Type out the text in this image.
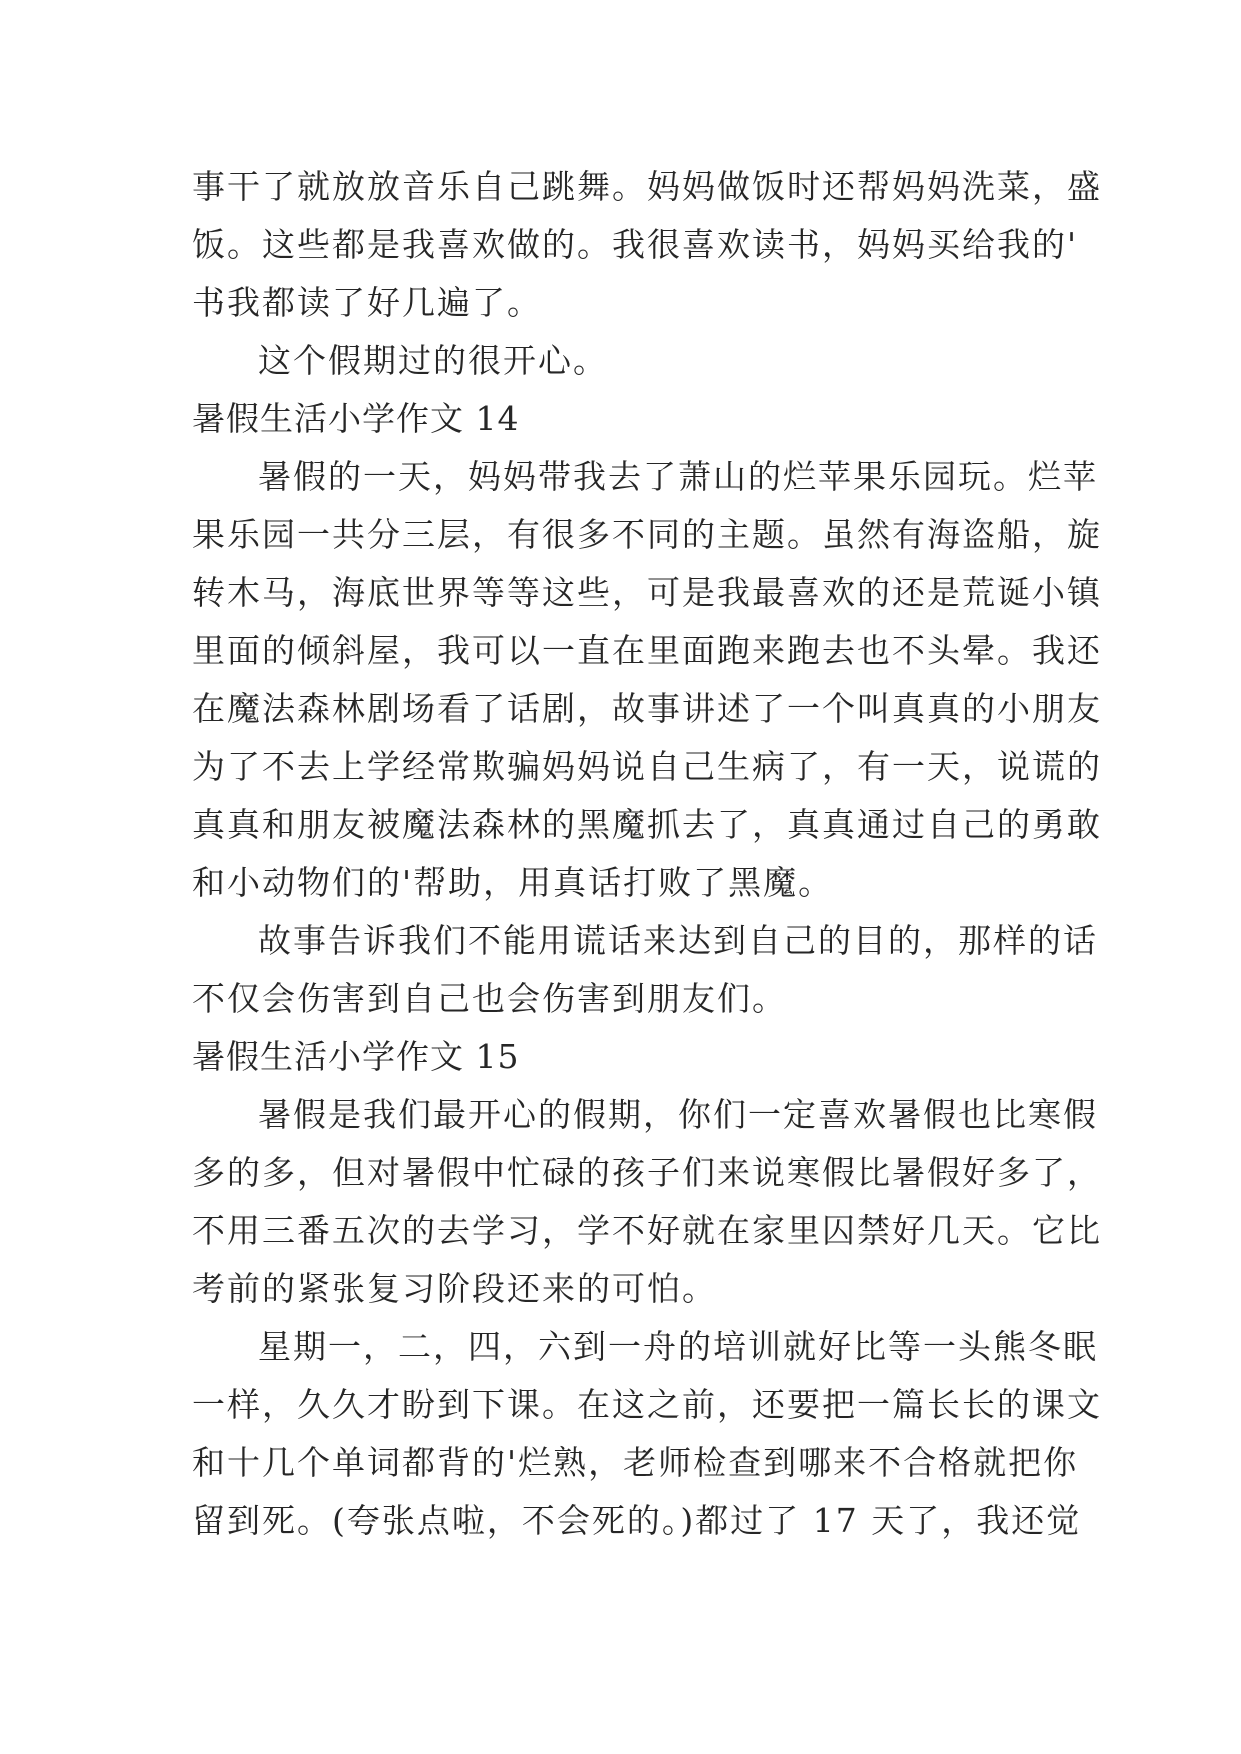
事干了就放放音乐自己跳舞。妈妈做饭时还帮妈妈洗菜，盛
饭。这些都是我喜欢做的。我很喜欢读书，妈妈买给我的'
书我都读了好几遍了。
这个假期过的很开心。
暑假生活小学作文 14
暑假的一天，妈妈带我去了萧山的烂苹果乐园玩。烂苹
果乐园一共分三层，有很多不同的主题。虽然有海盗船，旋
转木马，海底世界等等这些，可是我最喜欢的还是荒诞小镇
里面的倾斜屋，我可以一直在里面跑来跑去也不头晕。我还
在魔法森林剧场看了话剧，故事讲述了一个叫真真的小朋友
为了不去上学经常欺骗妈妈说自己生病了，有一天，说谎的
真真和朋友被魔法森林的黑魔抓去了，真真通过自己的勇敢
和小动物们的'帮助，用真话打败了黑魔。
故事告诉我们不能用谎话来达到自己的目的，那样的话
不仅会伤害到自己也会伤害到朋友们。
暑假生活小学作文 15
暑假是我们最开心的假期，你们一定喜欢暑假也比寒假
多的多，但对暑假中忙碌的孩子们来说寒假比暑假好多了，
不用三番五次的去学习，学不好就在家里囚禁好几天。它比
考前的紧张复习阶段还来的可怕。
星期一，二，四，六到一舟的培训就好比等一头熊冬眠
一样，久久才盼到下课。在这之前，还要把一篇长长的课文
和十几个单词都背的'烂熟，老师检查到哪来不合格就把你
留到死。(夸张点啦，不会死的。)都过了 17 天了，我还觉
